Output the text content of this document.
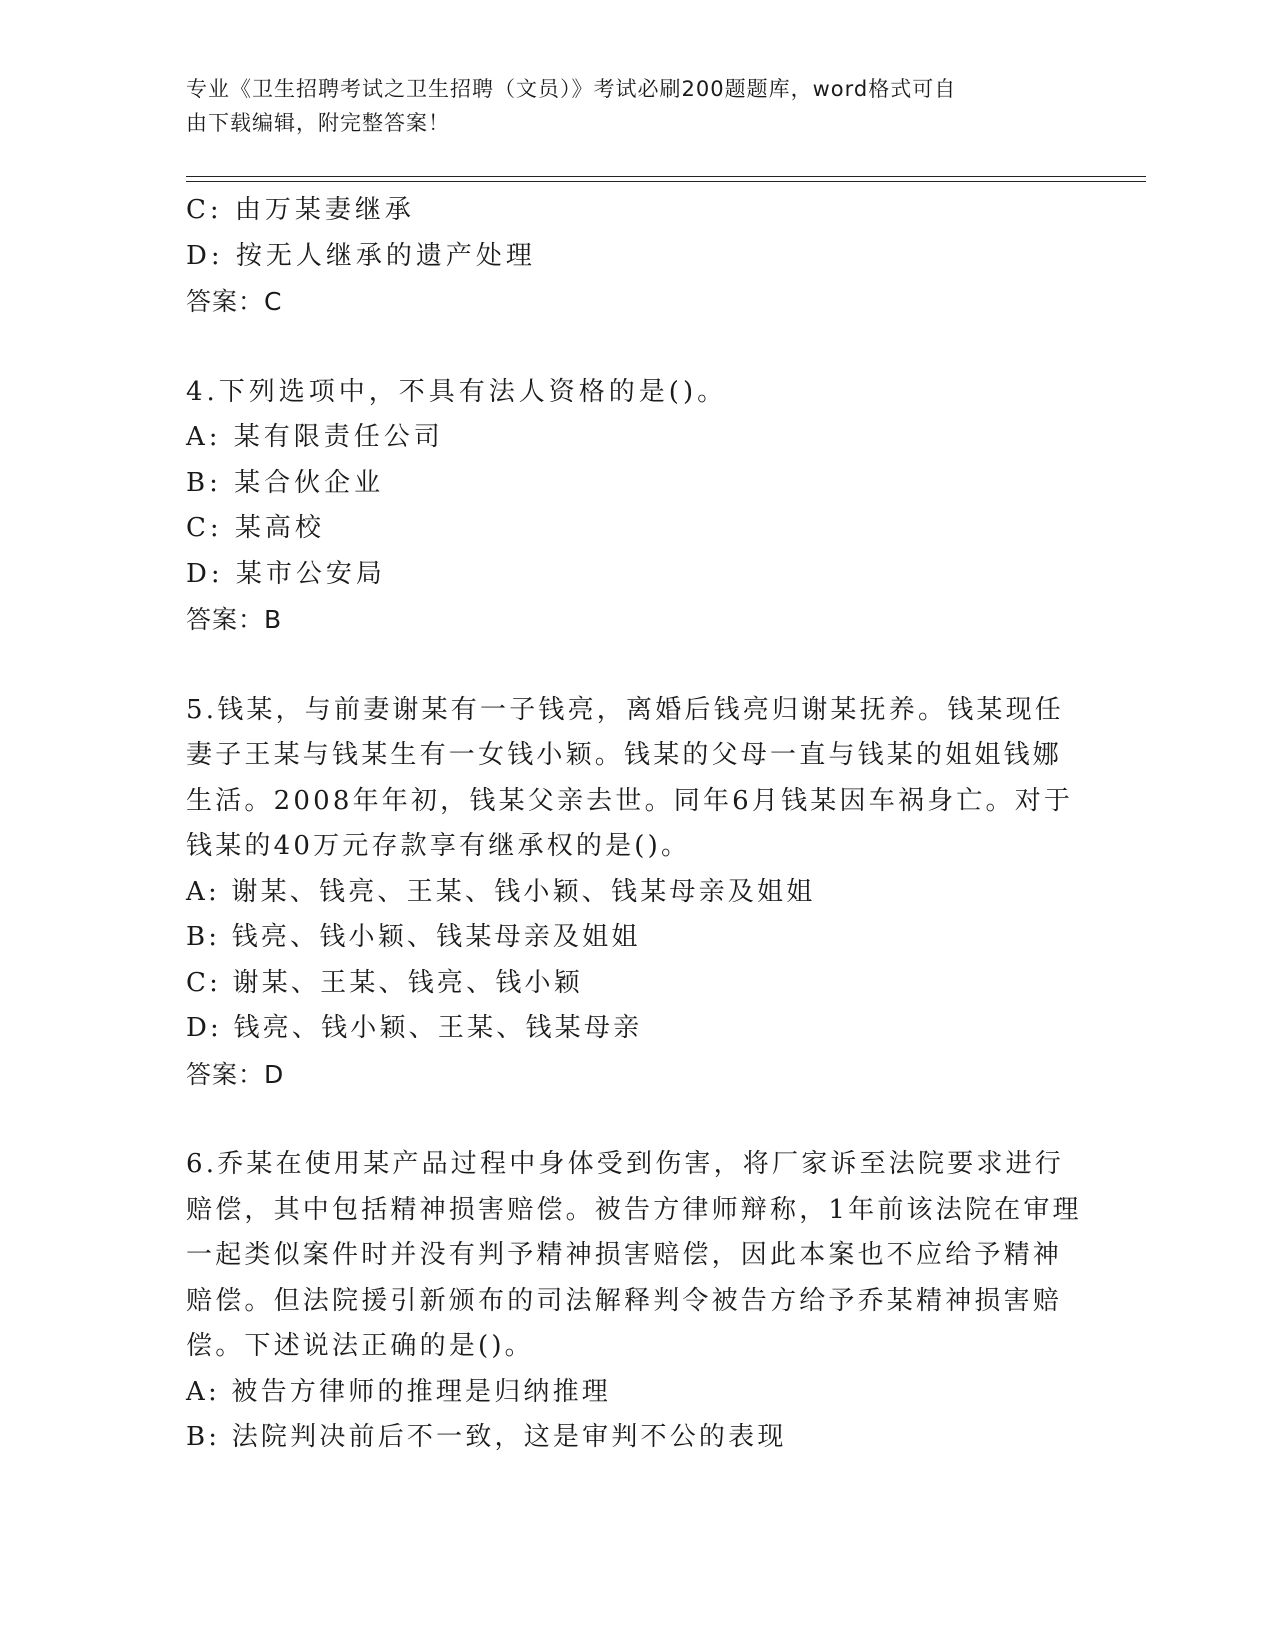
专业《卫生招聘考试之卫生招聘（文员）》考试必刷200题题库，word格式可自
由下载编辑，附完整答案！
C: 由万某妻继承
D: 按无人继承的遗产处理
答案：C
4.下列选项中，不具有法人资格的是()。
A: 某有限责任公司
B: 某合伙企业
C: 某高校
D: 某市公安局
答案：B
5.钱某，与前妻谢某有一子钱亮，离婚后钱亮归谢某抚养。钱某现任
妻子王某与钱某生有一女钱小颖。钱某的父母一直与钱某的姐姐钱娜
生活。2008年年初，钱某父亲去世。同年6月钱某因车祸身亡。对于
钱某的40万元存款享有继承权的是()。
A: 谢某、钱亮、王某、钱小颖、钱某母亲及姐姐
B: 钱亮、钱小颖、钱某母亲及姐姐
C: 谢某、王某、钱亮、钱小颖
D: 钱亮、钱小颖、王某、钱某母亲
答案：D
6.乔某在使用某产品过程中身体受到伤害，将厂家诉至法院要求进行
赔偿，其中包括精神损害赔偿。被告方律师辩称，1年前该法院在审理
一起类似案件时并没有判予精神损害赔偿，因此本案也不应给予精神
赔偿。但法院援引新颁布的司法解释判令被告方给予乔某精神损害赔
偿。下述说法正确的是()。
A: 被告方律师的推理是归纳推理
B: 法院判决前后不一致，这是审判不公的表现
